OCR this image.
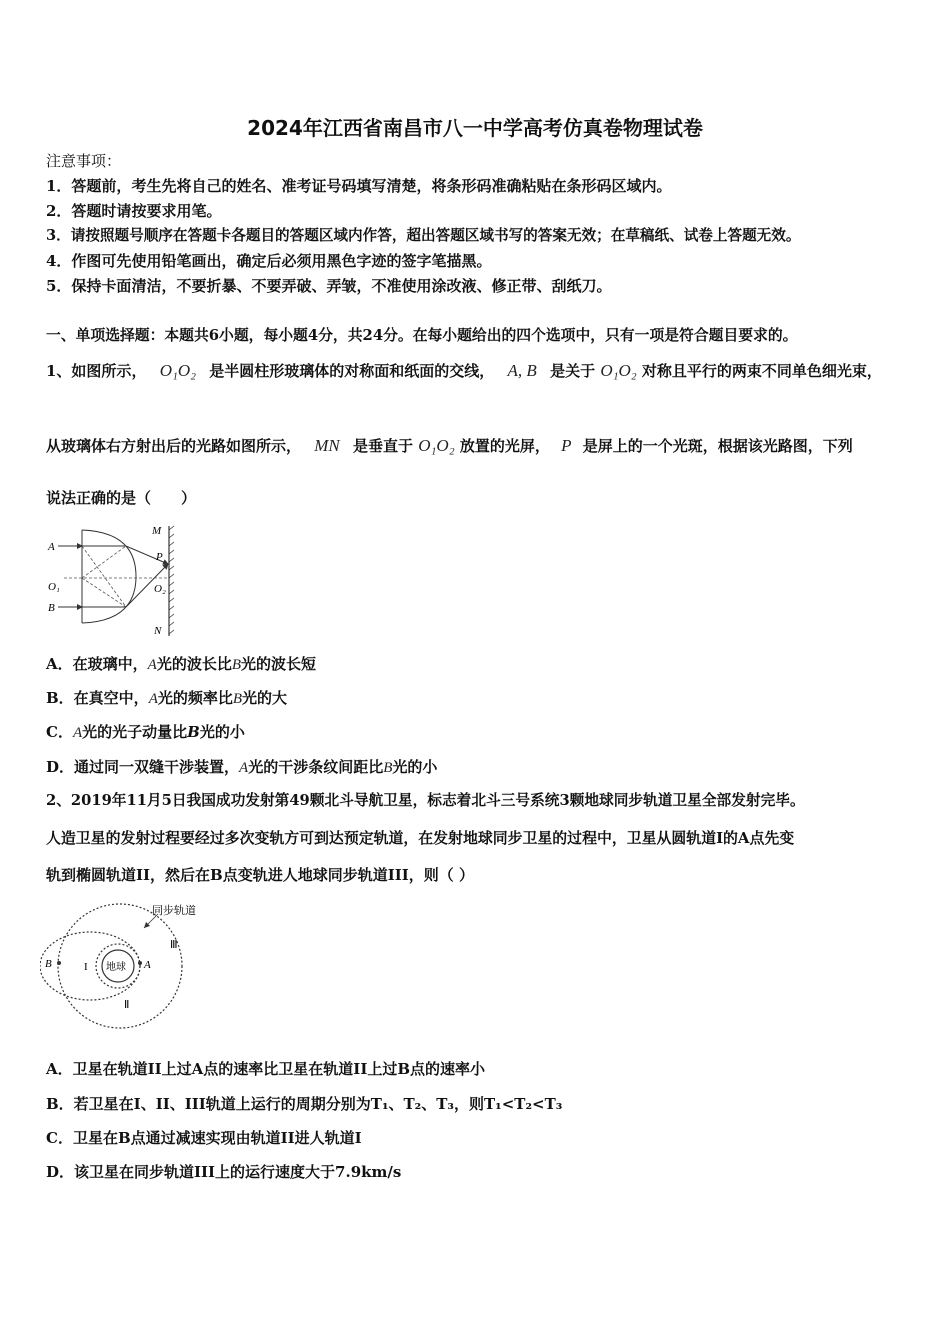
2024年江西省南昌市八一中学高考仿真卷物理试卷
注意事项：
1．答题前，考生先将自己的姓名、准考证号码填写清楚，将条形码准确粘贴在条形码区域内。
2．答题时请按要求用笔。
3．请按照题号顺序在答题卡各题目的答题区域内作答，超出答题区域书写的答案无效；在草稿纸、试卷上答题无效。
4．作图可先使用铅笔画出，确定后必须用黑色字迹的签字笔描黑。
5．保持卡面清洁，不要折暴、不要弄破、弄皱，不准使用涂改液、修正带、刮纸刀。
一、单项选择题：本题共6小题，每小题4分，共24分。在每小题给出的四个选项中，只有一项是符合题目要求的。
1、如图所示， O₁O₂ 是半圆柱形玻璃体的对称面和纸面的交线， A, B 是关于 O₁O₂ 对称且平行的两束不同单色细光束，
从玻璃体右方射出后的光路如图所示， MN 是垂直于 O₁O₂ 放置的光屏， P 是屏上的一个光斑，根据该光路图，下列
说法正确的是（　　）
A
B
O₁	O₂
M
N
P
A．在玻璃中，A光的波长比B光的波长短
B．在真空中，A光的频率比B光的大
C．A光的光子动量比B光的小
D．通过同一双缝干涉装置，A光的干涉条纹间距比B光的小
2、2019年11月5日我国成功发射第49颗北斗导航卫星，标志着北斗三号系统3颗地球同步轨道卫星全部发射完毕。
人造卫星的发射过程要经过多次变轨方可到达预定轨道，在发射地球同步卫星的过程中，卫星从圆轨道I的A点先变
轨到椭圆轨道II，然后在B点变轨进人地球同步轨道III，则（ ）
地球
同步轨道
Ⅲ
Ⅱ
I
B	A
A．卫星在轨道II上过A点的速率比卫星在轨道II上过B点的速率小
B．若卫星在I、II、III轨道上运行的周期分别为T₁、T₂、T₃，则T₁<T₂<T₃
C．卫星在B点通过减速实现由轨道II进人轨道I
D．该卫星在同步轨道III上的运行速度大于7.9km/s
